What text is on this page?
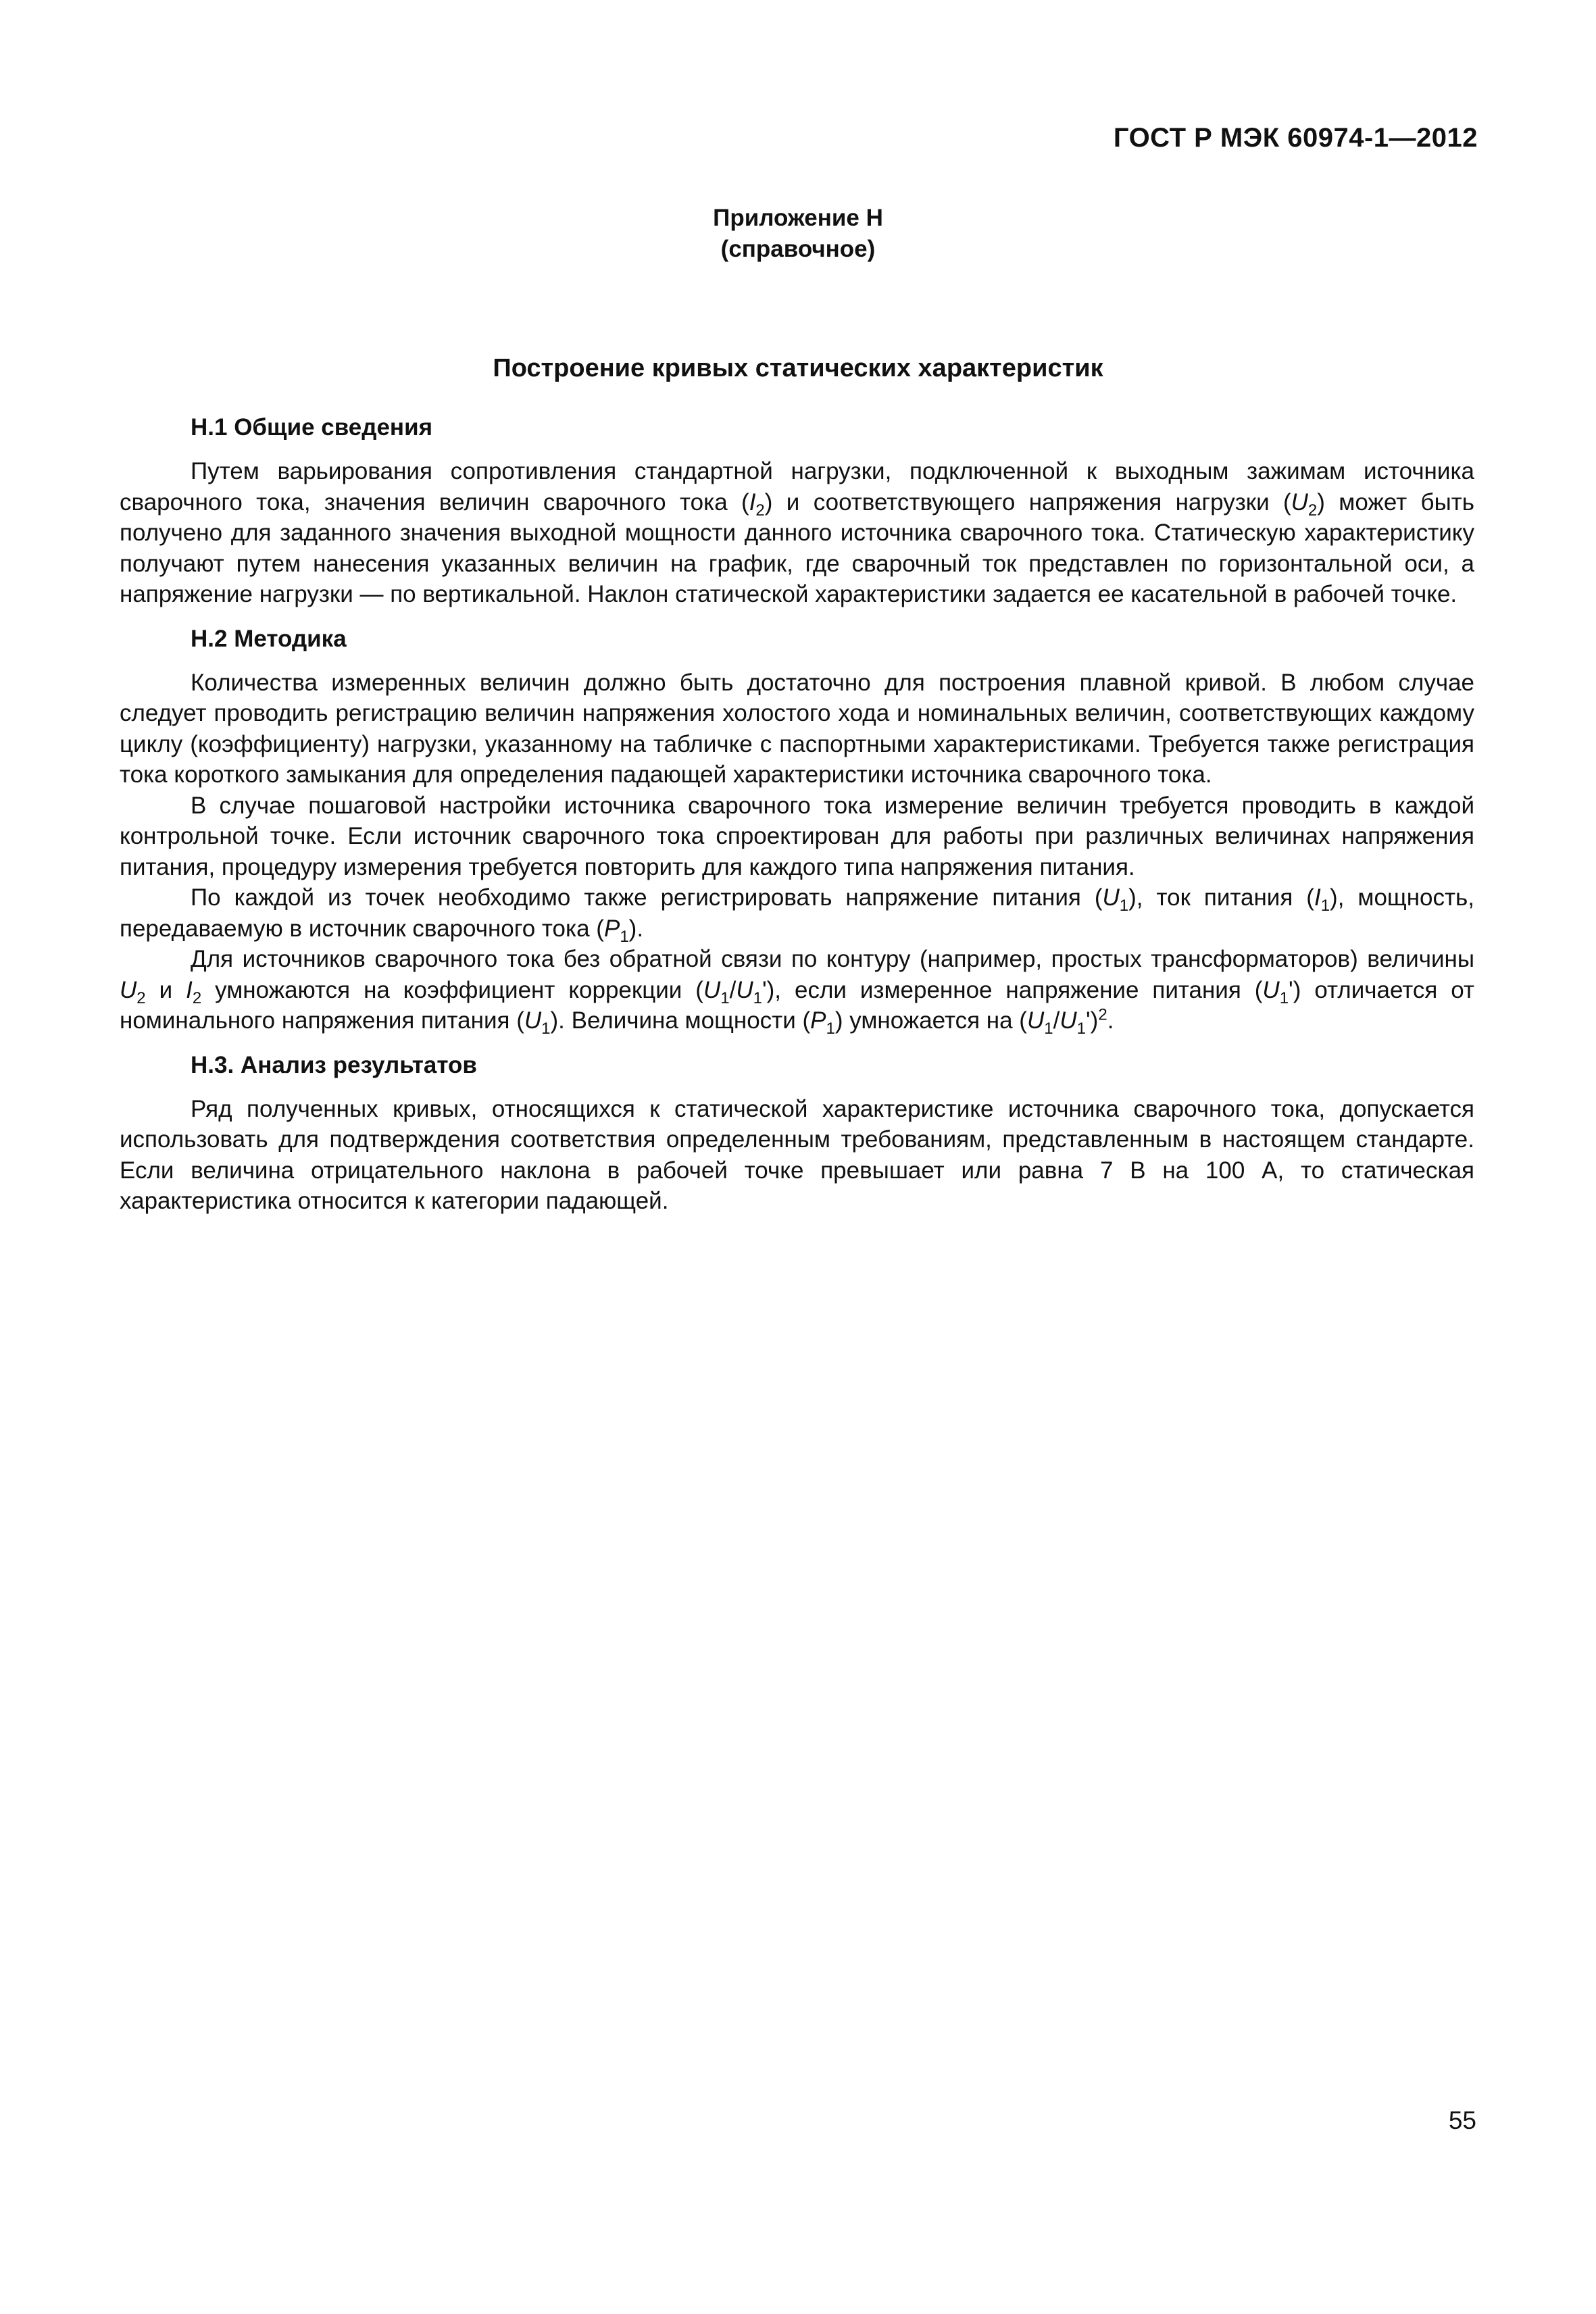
ГОСТ Р МЭК 60974-1—2012
Приложение Н
(справочное)
Построение кривых статических характеристик
Н.1 Общие сведения

Путем варьирования сопротивления стандартной нагрузки, подключенной к выходным зажимам источника сварочного тока, значения величин сварочного тока $(I_2)$ и соответствующего напряжения нагрузки $(U_2)$ может быть получено для заданного значения выходной мощности данного источника сварочного тока. Статическую характеристику получают путем нанесения указанных величин на график, где сварочный ток представлен по горизонтальной оси, а напряжение нагрузки — по вертикальной. Наклон статической характеристики задается ее касательной в рабочей точке.

Н.2 Методика

Количества измеренных величин должно быть достаточно для построения плавной кривой. В любом случае следует проводить регистрацию величин напряжения холостого хода и номинальных величин, соответствующих каждому циклу (коэффициенту) нагрузки, указанному на табличке с паспортными характеристиками. Требуется также регистрация тока короткого замыкания для определения падающей характеристики источника сварочного тока.

В случае пошаговой настройки источника сварочного тока измерение величин требуется проводить в каждой контрольной точке. Если источник сварочного тока спроектирован для работы при различных величинах напряжения питания, процедуру измерения требуется повторить для каждого типа напряжения питания.

По каждой из точек необходимо также регистрировать напряжение питания $(U_1)$, ток питания $(I_1)$, мощность, передаваемую в источник сварочного тока $(P_1)$.

Для источников сварочного тока без обратной связи по контуру (например, простых трансформаторов) величины $U_2$ и $I_2$ умножаются на коэффициент коррекции $(U_1/U_1')$, если измеренное напряжение питания $(U_1')$ отличается от номинального напряжения питания $(U_1)$. Величина мощности $(P_1)$ умножается на $(U_1/U_1')^2$.

Н.3. Анализ результатов

Ряд полученных кривых, относящихся к статической характеристике источника сварочного тока, допускается использовать для подтверждения соответствия определенным требованиям, представленным в настоящем стандарте. Если величина отрицательного наклона в рабочей точке превышает или равна 7 В на 100 А, то статическая характеристика относится к категории падающей.

55
